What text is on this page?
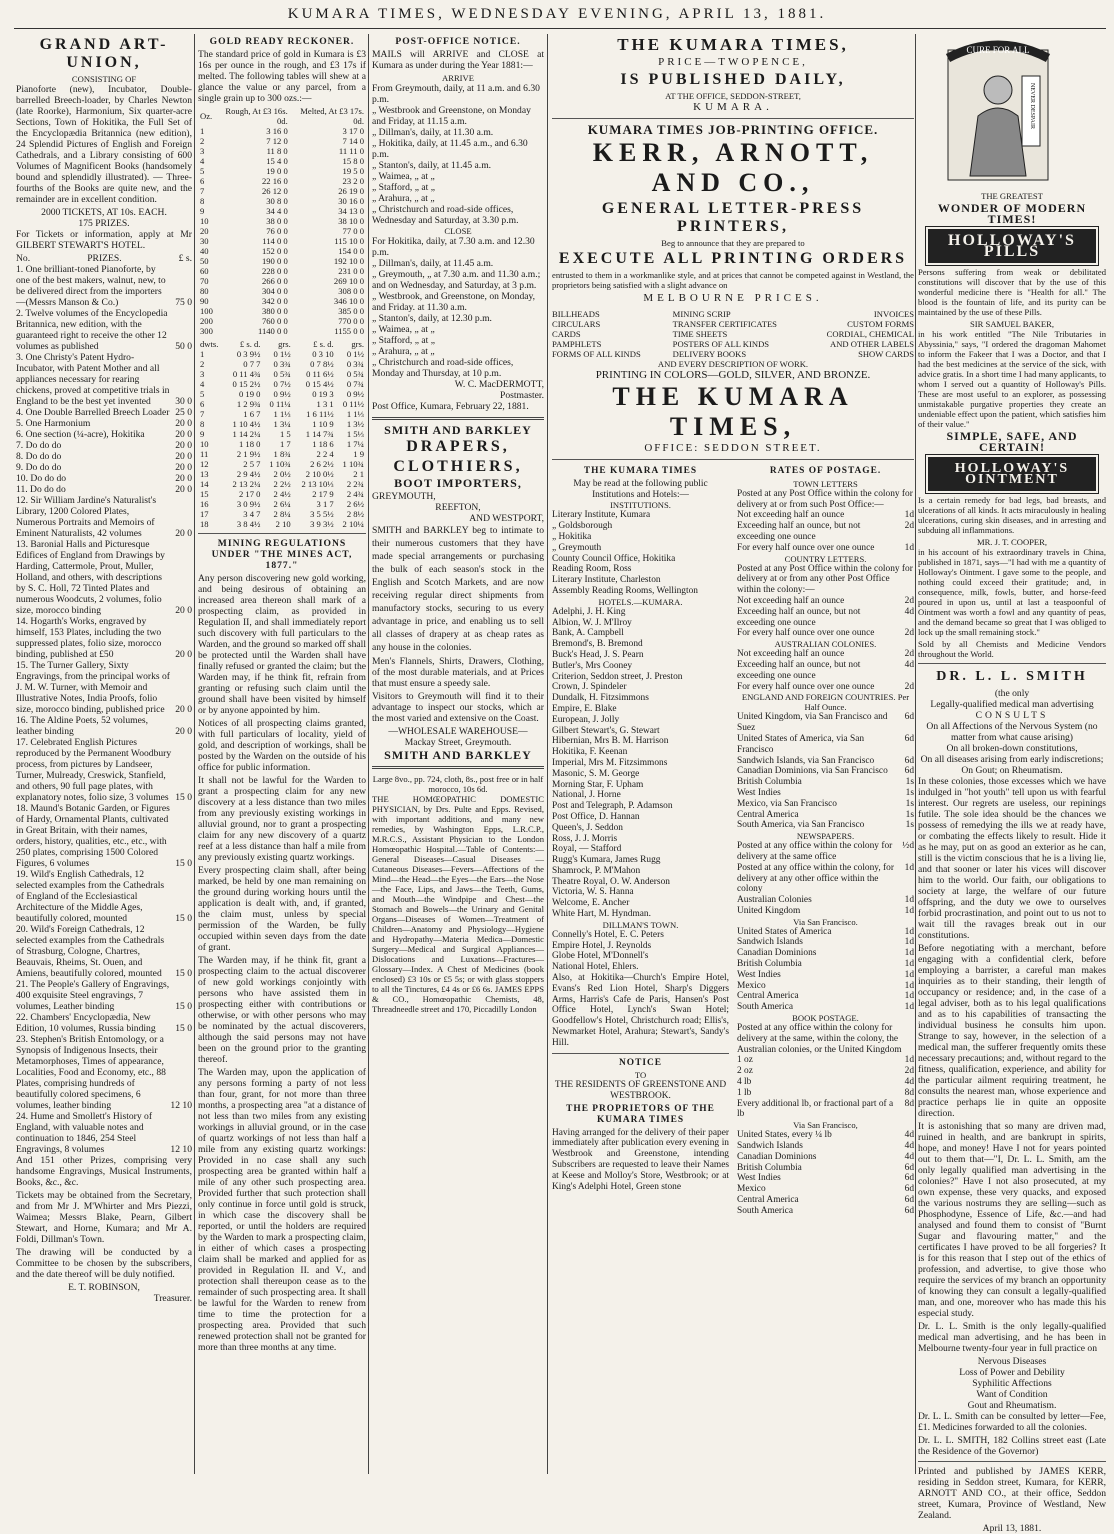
KUMARA TIMES, WEDNESDAY EVENING, APRIL 13, 1881.
GRAND ART-UNION,
CONSISTING OF

Pianoforte (new), Incubator, Double-barrelled Breech-loader, by Charles Newton (late Roorke), Harmonium, Six quarter-acre Sections, Town of Hokitika, the Full Set of the Encyclopædia Britannica (new edition), 24 Splendid Pictures of English and Foreign Cathedrals, and a Library consisting of 600 Volumes of Magnificent Books (handsomely bound and splendidly illustrated). — Three-fourths of the Books are quite new, and the remainder are in excellent condition.

2000 TICKETS, AT 10s. EACH.
175 PRIZES.

For Tickets or information, apply at Mr GILBERT STEWART'S HOTEL.

No.	PRIZES.	£ s.
1. One brilliant-toned Pianoforte, by one of the best makers, walnut, new, to be delivered direct from the importers—(Messrs Manson & Co.)	75 0
2. Twelve volumes of the Encyclopedia Britannica, new edition, with the guaranteed right to receive the other 12 volumes as published	50 0
3. One Christy's Patent Hydro-Incubator, with Patent Mother and all appliances necessary for rearing chickens, proved at competitive trials in England to be the best yet invented	30 0
4. One Double Barrelled Breech Loader 25 0
5. One Harmonium	20 0
6. One section (¼-acre), Hokitika	20 0
7. Do do do	20 0
8. Do do do	20 0
9. Do do do	20 0
10. Do do do	20 0
11. Do do do	20 0
12. Sir William Jardine's Naturalist's Library, 1200 Colored Plates, Numerous Portraits and Memoirs of Eminent Naturalists, 42 volumes	20 0
13. Baronial Halls and Picturesque Edifices of England from Drawings by Harding, Cattermole, Prout, Muller, Holland, and others, with descriptions by S. C. Holl, 72 Tinted Plates and numerous Woodcuts, 2 volumes, folio size, morocco binding	20 0
14. Hogarth's Works, engraved by himself, 153 Plates, including the two suppressed plates, folio size, morocco binding, published at £50	20 0
15. The Turner Gallery, Sixty Engravings, from the principal works of J. M. W. Turner, with Memoir and Illustrative Notes, India Proofs, folio size, morocco binding, published price	20 0
16. The Aldine Poets, 52 volumes, leather binding	20 0
17. Celebrated English Pictures reproduced by the Permanent Woodbury process, from pictures by Landseer, Turner, Mulready, Creswick, Stanfield, and others, 90 full page plates, with explanatory notes, folio size, 3 volumes 15 0
18. Maund's Botanic Garden, or Figures of Hardy, Ornamental Plants, cultivated in Great Britain, with their names, orders, history, qualities, etc., etc., with 250 plates, comprising 1500 Colored Figures, 6 volumes	15 0
19. Wild's English Cathedrals, 12 selected examples from the Cathedrals of England of the Ecclesiastical Architecture of the Middle Ages, beautifully colored, mounted	15 0
20. Wild's Foreign Cathedrals, 12 selected examples from the Cathedrals of Strasburg, Cologne, Chartres, Beauvais, Rheims, St. Ouen, and Amiens, beautifully colored, mounted	15 0
21. The People's Gallery of Engravings, 400 exquisite Steel engravings, 7 volumes, Leather binding	15 0
22. Chambers' Encyclopædia, New Edition, 10 volumes, Russia binding	15 0
23. Stephen's British Entomology, or a Synopsis of Indigenous Insects, their Metamorphoses, Times of appearance, Localities, Food and Economy, etc., 88 Plates, comprising hundreds of beautifully colored specimens, 6 volumes, leather binding	12 10
24. Hume and Smollett's History of England, with valuable notes and continuation to 1846, 254 Steel Engravings, 8 volumes	12 10

And 151 other Prizes, comprising very handsome Engravings, Musical Instruments, Books, &c., &c.

Tickets may be obtained from the Secretary, and from Mr J. M'Whirter and Mrs Piezzi, Waimea; Messrs Blake, Pearn, Gilbert Stewart, and Horne, Kumara; and Mr A. Foldi, Dillman's Town.

The drawing will be conducted by a Committee to be chosen by the subscribers, and the date thereof will be duly notified.

E. T. ROBINSON,
Treasurer.
GOLD READY RECKONER.

The standard price of gold in Kumara is £3 16s per ounce in the rough, and £3 17s if melted. The following tables will shew at a glance the value or any parcel, from a single grain up to 300 ozs.:—

Oz.	Rough, At £3 16s. 0d.	Melted, At £3 17s. 0d.
1	3 16 0	3 17 0
2	7 12 0	7 14 0
3	11 8 0	11 11 0
4	15 4 0	15 8 0
5	19 0 0	19 5 0
6	22 16 0	23 2 0
7	26 12 0	26 19 0
8	30 8 0	30 16 0
9	34 4 0	34 13 0
10	38 0 0	38 10 0
20	76 0 0	77 0 0
30	114 0 0	115 10 0
40	152 0 0	154 0 0
50	190 0 0	192 10 0
60	228 0 0	231 0 0
70	266 0 0	269 10 0
80	304 0 0	308 0 0
90	342 0 0	346 10 0
100	380 0 0	385 0 0
200	760 0 0	770 0 0
300	1140 0 0	1155 0 0
dwts.	£ s. d.	grs.	£ s. d.	grs.
1	0 3 9½	0 1½	0 3 10	0 1½
2	0 7 7	0 3¾	0 7 8½	0 3¾
3	0 11 4¾	0 5¾	0 11 6½	0 5¾
4	0 15 2½	0 7½	0 15 4½	0 7¾
5	0 19 0	0 9½	0 19 3	0 9½
6	1 2 9¾	0 11¼	1 3 1	0 11½
7	1 6 7	1 1⅓	1 6 11½	1 1⅓
8	1 10 4½	1 3¼	1 10 9	1 3½
9	1 14 2¼	1 5	1 14 7¾	1 5⅓
10	1 18 0	1 7	1 18 6	1 7¼
11	2 1 9½	1 8¾	2 2 4	1 9
12	2 5 7	1 10¾	2 6 2½	1 10¾
13	2 9 4½	2 0½	2 10 0½	2 1
14	2 13 2¼	2 2½	2 13 10⅓	2 2¾
15	2 17 0	2 4½	2 17 9	2 4¾
16	3 0 9½	2 6¼	3 1 7	2 6½
17	3 4 7	2 8¼	3 5 5½	2 8½
18	3 8 4½	2 10	3 9 3½	2 10¼
MINING REGULATIONS UNDER "THE MINES ACT, 1877."

Any person discovering new gold working, and being desirous of obtaining an increased area thereon shall mark of a prospecting claim, as provided in Regulation II, and shall immediately report such discovery with full particulars to the Warden, and the ground so marked off shall be protected until the Warden shall have finally refused or granted the claim; but the Warden may, if he think fit, refrain from granting or refusing such claim until the ground shall have been visited by himself or by anyone appointed by him.

Notices of all prospecting claims granted, with full particulars of locality, yield of gold, and description of workings, shall be posted by the Warden on the outside of his office for public information.

It shall not be lawful for the Warden to grant a prospecting claim for any new discovery at a less distance than two miles from any previously existing workings in alluvial ground, nor to grant a prospecting claim for any new discovery of a quartz reef at a less distance than half a mile from any previously existing quartz workings.

Every prospecting claim shall, after being marked, be held by one man remaining on the ground during working hours until the application is dealt with, and, if granted, the claim must, unless by special permission of the Warden, be fully occupied within seven days from the date of grant.

The Warden may, if he think fit, grant a prospecting claim to the actual discoverer of new gold workings conjointly with persons who have assisted them in prospecting either with contributions or otherwise, or with other persons who may be nominated by the actual discoverers, although the said persons may not have been on the ground prior to the granting thereof.

The Warden may, upon the application of any persons forming a party of not less than four, grant, for not more than three months, a prospecting area "at a distance of not less than two miles from any existing workings in alluvial ground, or in the case of quartz workings of not less than half a mile from any existing quartz workings: Provided in no case shall any such prospecting area be granted within half a mile of any other such prospecting area. Provided further that such protection shall only continue in force until gold is struck, in which case the discovery shall be reported, or until the holders are required by the Warden to mark a prospecting claim, in either of which cases a prospecting claim shall be marked and applied for as provided in Regulation II. and V., and protection shall thereupon cease as to the remainder of such prospecting area. It shall be lawful for the Warden to renew from time to time the protection for a prospecting area. Provided that such renewed protection shall not be granted for more than three months at any time.

POST-OFFICE NOTICE.

MAILS will ARRIVE and CLOSE at Kumara as under during the Year 1881:—

ARRIVE
From Greymouth, daily, at 11 a.m. and 6.30 p.m.
„ Westbrook and Greenstone, on Monday and Friday, at 11.15 a.m.
„ Dillman's, daily, at 11.30 a.m.
„ Hokitika, daily, at 11.45 a.m., and 6.30 p.m.
„ Stanton's, daily, at 11.45 a.m.
„ Waimea, „ at „
„ Stafford, „ at „
„ Arahura, „ at „
„ Christchurch and road-side offices, Wednesday and Saturday, at 3.30 p.m.
CLOSE
For Hokitika, daily, at 7.30 a.m. and 12.30 p.m.
„ Dillman's, daily, at 11.45 a.m.
„ Greymouth, „ at 7.30 a.m. and 11.30 a.m.; and on Wednesday, and Saturday, at 3 p.m.
„ Westbrook, and Greenstone, on Monday, and Friday. at 11.30 a.m.
„ Stanton's, daily, at 12.30 p.m.
„ Waimea, „ at „
„ Stafford, „ at „
„ Arahura, „ at „
„ Christchurch and road-side offices, Monday and Thursday, at 10 p.m.
W. C. MacDERMOTT,
Postmaster.
Post Office, Kumara, February 22, 1881.
SMITH AND BARKLEY
DRAPERS,
CLOTHIERS,
BOOT IMPORTERS,
GREYMOUTH,
REEFTON,
AND WESTPORT,

SMITH and BARKLEY beg to intimate to their numerous customers that they have made special arrangements or purchasing the bulk of each season's stock in the English and Scotch Markets, and are now receiving regular direct shipments from manufactory stocks, securing to us every advantage in price, and enabling us to sell all classes of drapery at as cheap rates as any house in the colonies.

Men's Flannels, Shirts, Drawers, Clothing, of the most durable materials, and at Prices that must ensure a speedy sale.

Visitors to Greymouth will find it to their advantage to inspect our stocks, which ar the most varied and extensive on the Coast.

—WHOLESALE WAREHOUSE—
Mackay Street, Greymouth.
SMITH AND BARKLEY
Large 8vo., pp. 724, cloth, 8s., post free or in half morocco, 10s 6d.

THE HOMŒOPATHIC DOMESTIC PHYSICIAN, by Drs. Pulte and Epps. Revised, with important additions, and many new remedies, by Washington Epps, L.R.C.P., M.R.C.S., Assistant Physician to the London Homœopathic Hospital.—Table of Contents:—General Diseases—Casual Diseases — Cutaneous Diseases—Fevers—Affections of the Mind—the Head—the Eyes—the Ears—the Nose—the Face, Lips, and Jaws—the Teeth, Gums, and Mouth—the Windpipe and Chest—the Stomach and Bowels—the Urinary and Genital Organs—Diseases of Women—Treatment of Children—Anatomy and Physiology—Hygiene and Hydropathy—Materia Medica—Domestic Surgery—Medical and Surgical Appliances—Dislocations and Luxations—Fractures—Glossary—Index. A Chest of Medicines (book enclosed) £3 10s or £5 5s; or with glass stoppers to all the Tinctures, £4 4s or £6 6s. JAMES EPPS & CO., Homœopathic Chemists, 48, Threadneedle street and 170, Piccadilly London

THE KUMARA TIMES,
PRICE—TWOPENCE,
IS PUBLISHED DAILY,
AT THE OFFICE, SEDDON-STREET,
KUMARA.
KUMARA TIMES JOB-PRINTING OFFICE.
KERR, ARNOTT, AND CO.,
GENERAL LETTER-PRESS PRINTERS,
Beg to announce that they are prepared to
EXECUTE ALL PRINTING ORDERS

entrusted to them in a workmanlike style, and at prices that cannot be competed against in Westland, the proprietors being satisfied with a slight advance on

MELBOURNE PRICES.
BILLHEADS	MINING SCRIP	INVOICES
CIRCULARS	TRANSFER CERTIFICATES	CUSTOM FORMS
CARDS	TIME SHEETS	CORDIAL, CHEMICAL
PAMPHLETS	POSTERS OF ALL KINDS	AND OTHER LABELS
FORMS OF ALL KINDS	DELIVERY BOOKS	SHOW CARDS
AND EVERY DESCRIPTION OF WORK.
PRINTING IN COLORS—GOLD, SILVER, AND BRONZE.
THE KUMARA TIMES,
OFFICE: SEDDON STREET.
THE KUMARA TIMES
May be read at the following public Institutions and Hotels:—
INSTITUTIONS.
Literary Institute, Kumara
„ Goldsborough
„ Hokitika
„ Greymouth
County Council Office, Hokitika
Reading Room, Ross
Literary Institute, Charleston
Assembly Reading Rooms, Wellington
HOTELS.—KUMARA.
Adelphi, J. H. King
Albion, W. J. M'Ilroy
Bank, A. Campbell
Bremond's, B. Bremond
Buck's Head, J. S. Pearn
Butler's, Mrs Cooney
Criterion, Seddon street, J. Preston
Crown, J. Spindeler
Dundalk, H. Fitzsimmons
Empire, E. Blake
European, J. Jolly
Gilbert Stewart's, G. Stewart
Hibernian, Mrs B. M. Harrison
Hokitika, F. Keenan
Imperial, Mrs M. Fitzsimmons
Masonic, S. M. George
Morning Star, F. Upham
National, J. Horne
Post and Telegraph, P. Adamson
Post Office, D. Hannan
Queen's, J. Seddon
Ross, J. J. Morris
Royal, — Stafford
Rugg's Kumara, James Rugg
Shamrock, P. M'Mahon
Theatre Royal, O. W. Anderson
Victoria, W. S. Hanna
Welcome, E. Ancher
White Hart, M. Hyndman.
DILLMAN'S TOWN.
Connelly's Hotel, E. C. Peters
Empire Hotel, J. Reynolds
Globe Hotel, M'Donnell's
National Hotel, Ehlers.

Also, at Hokitika—Church's Empire Hotel, Evans's Red Lion Hotel, Sharp's Diggers Arms, Harris's Cafe de Paris, Hansen's Post Office Hotel, Lynch's Swan Hotel; Goodfellow's Hotel, Christchurch road; Ellis's, Newmarket Hotel, Arahura; Stewart's, Sandy's Hill.

NOTICE
TO
THE RESIDENTS OF GREENSTONE AND WESTBROOK.
THE PROPRIETORS OF THE KUMARA TIMES

Having arranged for the delivery of their paper immediately after publication every evening in Westbrook and Greenstone, intending Subscribers are requested to leave their Names at Keese and Molloy's Store, Westbrook; or at King's Adelphi Hotel, Green stone

RATES OF POSTAGE.
TOWN LETTERS
Posted at any Post Office within the colony for delivery at or from such Post Office:—
Not exceeding half an ounce	1d
Exceeding half an ounce, but not exceeding one ounce
2d
For every half ounce over one ounce	1d
COUNTRY LETTERS.
Posted at any Post Office within the colony for delivery at or from any other Post Office within the colony:—
Not exceeding half an ounce	2d
Exceeding half an ounce, but not exceeding one ounce
4d
For every half ounce over one ounce	2d
AUSTRALIAN COLONIES.
Not exceeding half an ounce	2d
Exceeding half an ounce, but not exceeding one ounce
4d
For every half ounce over one ounce	2d
ENGLAND AND FOREIGN COUNTRIES. Per Half Ounce.
United Kingdom, via San Francisco and Suez
6d
United States of America, via San Francisco
6d
Sandwich Islands, via San Francisco	6d
Canadian Dominions, via San Francisco	6d
British Columbia	1s
West Indies	1s
Mexico, via San Francisco	1s
Central America	1s
South America, via San Francisco	1s
NEWSPAPERS.
Posted at any office within the colony for delivery at the same office
½d
Posted at any office within the colony, for delivery at any other office within the colony
1d
Australian Colonies	1d
United Kingdom	1d
Via San Francisco.
United States of America	1d
Sandwich Islands	1d
Canadian Dominions	1d
British Columbia	1d
West Indies	1d
Mexico	1d
Central America	1d
South America	1d
BOOK POSTAGE.
Posted at any office within the colony for delivery at the same, within the colony, the Australian colonies, or the United Kingdom
1 oz	1d
2 oz	2d
4 lb	4d
1 lb	8d
Every additional lb, or fractional part of a lb
8d
Via San Francisco,
United States, every ¼ lb	4d
Sandwich Islands	4d
Canadian Dominions	4d
British Columbia	6d
West Indies	6d
Mexico	6d
Central America	6d
South America	6d
CURE FOR ALL
NEVER DESPAIR
THE GREATEST
WONDER OF MODERN TIMES!
HOLLOWAY'S PILLS

Persons suffering from weak or debilitated constitutions will discover that by the use of this wonderful medicine there is "Health for all." The blood is the fountain of life, and its purity can be maintained by the use of these Pills.

SIR SAMUEL BAKER,

in his work entitled "The Nile Tributaries in Abyssinia," says, "I ordered the dragoman Mahomet to inform the Fakeer that I was a Doctor, and that I had the best medicines at the service of the sick, with advice gratis. In a short time I had many applicants, to whom I served out a quantity of Holloway's Pills. These are most useful to an explorer, as possessing unmistakable purgative properties they create an undeniable effect upon the patient, which satisfies him of their value."

SIMPLE, SAFE, AND CERTAIN!
HOLLOWAY'S OINTMENT

Is a certain remedy for bad legs, bad breasts, and ulcerations of all kinds. It acts miraculously in healing ulcerations, curing skin diseases, and in arresting and subduing all inflammations.

MR. J. T. COOPER,

in his account of his extraordinary travels in China, published in 1871, says—"I had with me a quantity of Holloway's Ointment. I gave some to the people, and nothing could exceed their gratitude; and, in consequence, milk, fowls, butter, and horse-feed poured in upon us, until at last a teaspoonful of Ointment was worth a fowl and any quantity of peas, and the demand became so great that I was obliged to lock up the small remaining stock."

Sold by all Chemists and Medicine Vendors throughout the World.

DR. L. L. SMITH
(the only
Legally-qualified medical man advertising
CONSULTS
On all Affections of the Nervous System (no matter from what cause arising)
On all broken-down constitutions,
On all diseases arising from early indiscretions;
On Gout; on Rheumatism.

In these colonies, those excesses which we have indulged in "hot youth" tell upon us with fearful interest. Our regrets are useless, our repinings futile. The sole idea should be the chances we possess of remedying the ills we at ready have, or combating the effects likely to result. Hide it as he may, put on as good an exterior as he can, still is the victim conscious that he is a living lie, and that sooner or later his vices will discover him to the world. Our faith, our obligations to society at large, the welfare of our future offspring, and the duty we owe to ourselves forbid procrastination, and point out to us not to wait till the ravages break out in our constitutions.

Before negotiating with a merchant, before engaging with a confidential clerk, before employing a barrister, a careful man makes inquiries as to their standing, their length of occupancy or residence; and, in the case of a legal adviser, both as to his legal qualifications and as to his capabilities of transacting the individual business he consults him upon. Strange to say, however, in the selection of a medical man, the sufferer frequently omits these necessary precautions; and, without regard to the fitness, qualification, experience, and ability for the particular ailment requiring treatment, he consults the nearest man, whose experience and practice perhaps lie in quite an opposite direction.

It is astonishing that so many are driven mad, ruined in health, and are bankrupt in spirits, hope, and money! Have I not for years pointed out to them that—"I, Dr. L. L. Smith, am the only legally qualified man advertising in the colonies?" Have I not also prosecuted, at my own expense, these very quacks, and exposed the various nostrums they are selling—such as Phosphodyne, Essence of Life, &c.—and had analysed and found them to consist of "Burnt Sugar and flavouring matter," and the certificates I have proved to be all forgeries? It is for this reason that I step out of the ethics of profession, and advertise, to give those who require the services of my branch an opportunity of knowing they can consult a legally-qualified man, and one, moreover who has made this his especial study.

Dr. L. L. Smith is the only legally-qualified medical man advertising, and he has been in Melbourne twenty-four year in full practice on

Nervous Diseases
Loss of Power and Debility
Syphilitic Affections
Want of Condition
Gout and Rheumatism.

Dr. L. L. Smith can be consulted by letter—Fee, £1. Medicines forwarded to all the colonies.

Dr. L. L. SMITH, 182 Collins street east (Late the Residence of the Governor)

Printed and published by JAMES KERR, residing in Seddon street, Kumara, for KERR, ARNOTT AND CO., at their office, Seddon street, Kumara, Province of Westland, New Zealand.

April 13, 1881.
